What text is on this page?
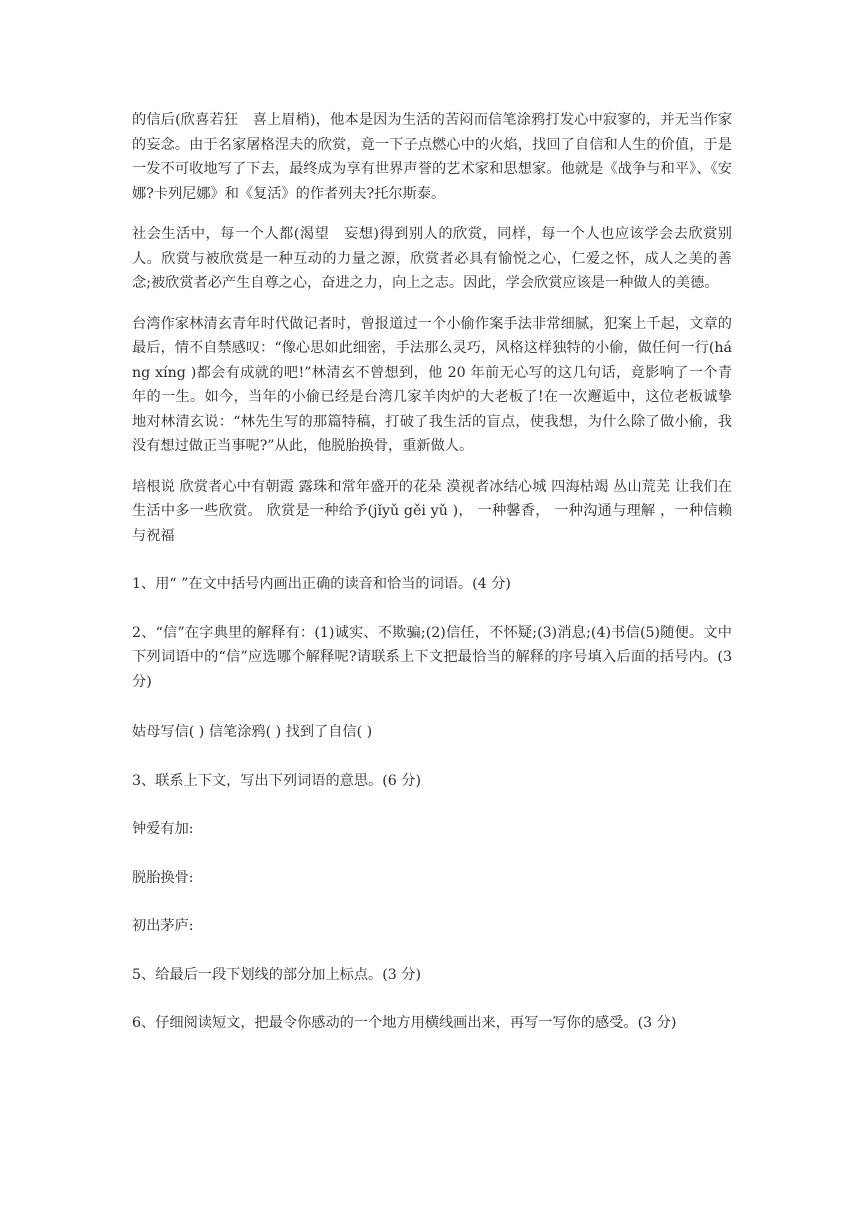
的信后(欣喜若狂　喜上眉梢)，他本是因为生活的苦闷而信笔涂鸦打发心中寂寥的，并无当作家的妄念。由于名家屠格涅夫的欣赏，竟一下子点燃心中的火焰，找回了自信和人生的价值，于是一发不可收地写了下去，最终成为享有世界声誉的艺术家和思想家。他就是《战争与和平》、《安娜?卡列尼娜》和《复活》的作者列夫?托尔斯泰。

社会生活中，每一个人都(渴望　妄想)得到别人的欣赏，同样，每一个人也应该学会去欣赏别人。欣赏与被欣赏是一种互动的力量之源，欣赏者必具有愉悦之心，仁爱之怀，成人之美的善念;被欣赏者必产生自尊之心，奋进之力，向上之志。因此，学会欣赏应该是一种做人的美德。

台湾作家林清玄青年时代做记者时，曾报道过一个小偷作案手法非常细腻，犯案上千起，文章的最后，情不自禁感叹：“像心思如此细密，手法那么灵巧，风格这样独特的小偷，做任何一行(háng xíng )都会有成就的吧!”林清玄不曾想到，他 20 年前无心写的这几句话，竟影响了一个青年的一生。如今，当年的小偷已经是台湾几家羊肉炉的大老板了!在一次邂逅中，这位老板诚挚地对林清玄说：“林先生写的那篇特稿，打破了我生活的盲点，使我想，为什么除了做小偷，我没有想过做正当事呢?”从此，他脱胎换骨，重新做人。

培根说 欣赏者心中有朝霞 露珠和常年盛开的花朵 漠视者冰结心城 四海枯竭 丛山荒芜 让我们在生活中多一些欣赏。 欣赏是一种给予(jǐyǔ gěi yǔ )， 一种馨香， 一种沟通与理解 ，一种信赖与祝福

1、用“ ”在文中括号内画出正确的读音和恰当的词语。(4 分)

2、“信”在字典里的解释有：(1)诚实、不欺骗;(2)信任，不怀疑;(3)消息;(4)书信(5)随便。文中下列词语中的“信”应选哪个解释呢?请联系上下文把最恰当的解释的序号填入后面的括号内。(3 分)

姑母写信( ) 信笔涂鸦( ) 找到了自信( )

3、联系上下文，写出下列词语的意思。(6 分)

钟爱有加:

脱胎换骨:

初出茅庐:

5、给最后一段下划线的部分加上标点。(3 分)

6、仔细阅读短文，把最令你感动的一个地方用横线画出来，再写一写你的感受。(3 分)
